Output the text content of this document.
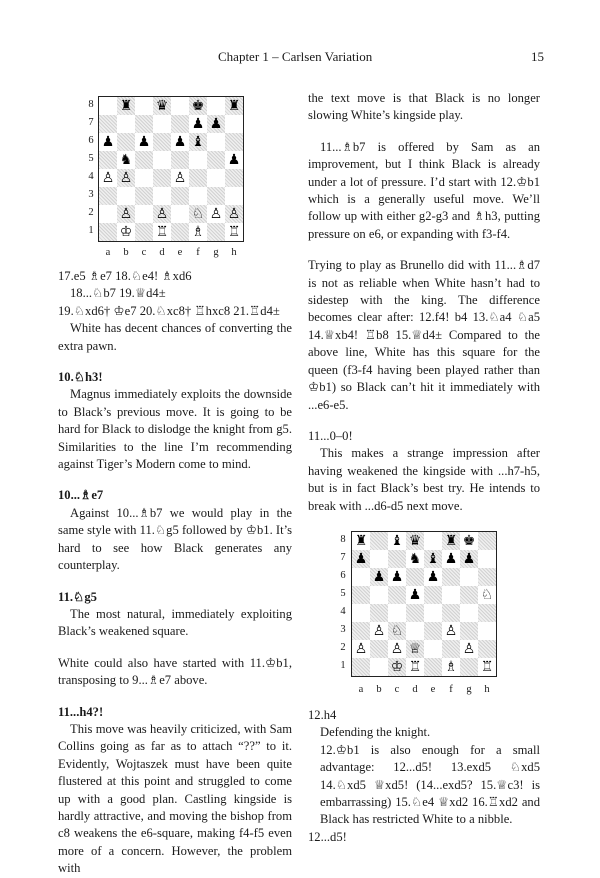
Chapter 1 – Carlsen Variation	15
8
7
6
5
4
3
2
1
♜ ♛ ♚ ♜
♟ ♟
♟ ♟ ♟ ♝
♞	♟
♙ ♙	♙
♙ ♙ ♘ ♙ ♙
♔ ♖ ♗ ♖
a	b	c	d	e	f	g	h
17.e5 ♗e7 18.♘e4! ♗xd6
18...♘b7 19.♕d4±
19.♘xd6† ♔e7 20.♘xc8† ♖hxc8 21.♖d4±
White has decent chances of converting the extra pawn.
10.♘h3!
Magnus immediately exploits the downside to Black’s previous move. It is going to be hard for Black to dislodge the knight from g5. Similarities to the line I’m recommending against Tiger’s Modern come to mind.
10...♗e7
Against 10...♗b7 we would play in the same style with 11.♘g5 followed by ♔b1. It’s hard to see how Black generates any counterplay.
11.♘g5
The most natural, immediately exploiting Black’s weakened square.
White could also have started with 11.♔b1, transposing to 9...♗e7 above.
11...h4?!
This move was heavily criticized, with Sam Collins going as far as to attach “??” to it. Evidently, Wojtaszek must have been quite flustered at this point and struggled to come up with a good plan. Castling kingside is hardly attractive, and moving the bishop from c8 weakens the e6-square, making f4-f5 even more of a concern. However, the problem with
the text move is that Black is no longer slowing White’s kingside play.
11...♗b7 is offered by Sam as an improvement, but I think Black is already under a lot of pressure. I’d start with 12.♔b1 which is a generally useful move. We’ll follow up with either g2-g3 and ♗h3, putting pressure on e6, or expanding with f3-f4.
Trying to play as Brunello did with 11...♗d7 is not as reliable when White hasn’t had to sidestep with the king. The difference becomes clear after: 12.f4! b4 13.♘a4 ♘a5 14.♕xb4! ♖b8 15.♕d4± Compared to the above line, White has this square for the queen (f3-f4 having been played rather than ♔b1) so Black can’t hit it immediately with ...e6-e5.
11...0–0!
This makes a strange impression after having weakened the kingside with ...h7-h5, but is in fact Black’s best try. He intends to break with ...d6-d5 next move.
8
7
6
5
4
3
2
1
♜ ♝ ♛ ♜ ♚
♟	♞ ♝ ♟ ♟
♟ ♟ ♟
♟	♘
♙ ♘	♙
♙ ♙ ♕	♙
♔ ♖ ♗ ♖
a	b	c	d	e	f	g	h
12.h4
Defending the knight.
12.♔b1 is also enough for a small advantage: 12...d5! 13.exd5 ♘xd5 14.♘xd5 ♕xd5! (14...exd5? 15.♕c3! is embarrassing) 15.♘e4 ♕xd2 16.♖xd2 and Black has restricted White to a nibble.
12...d5!
